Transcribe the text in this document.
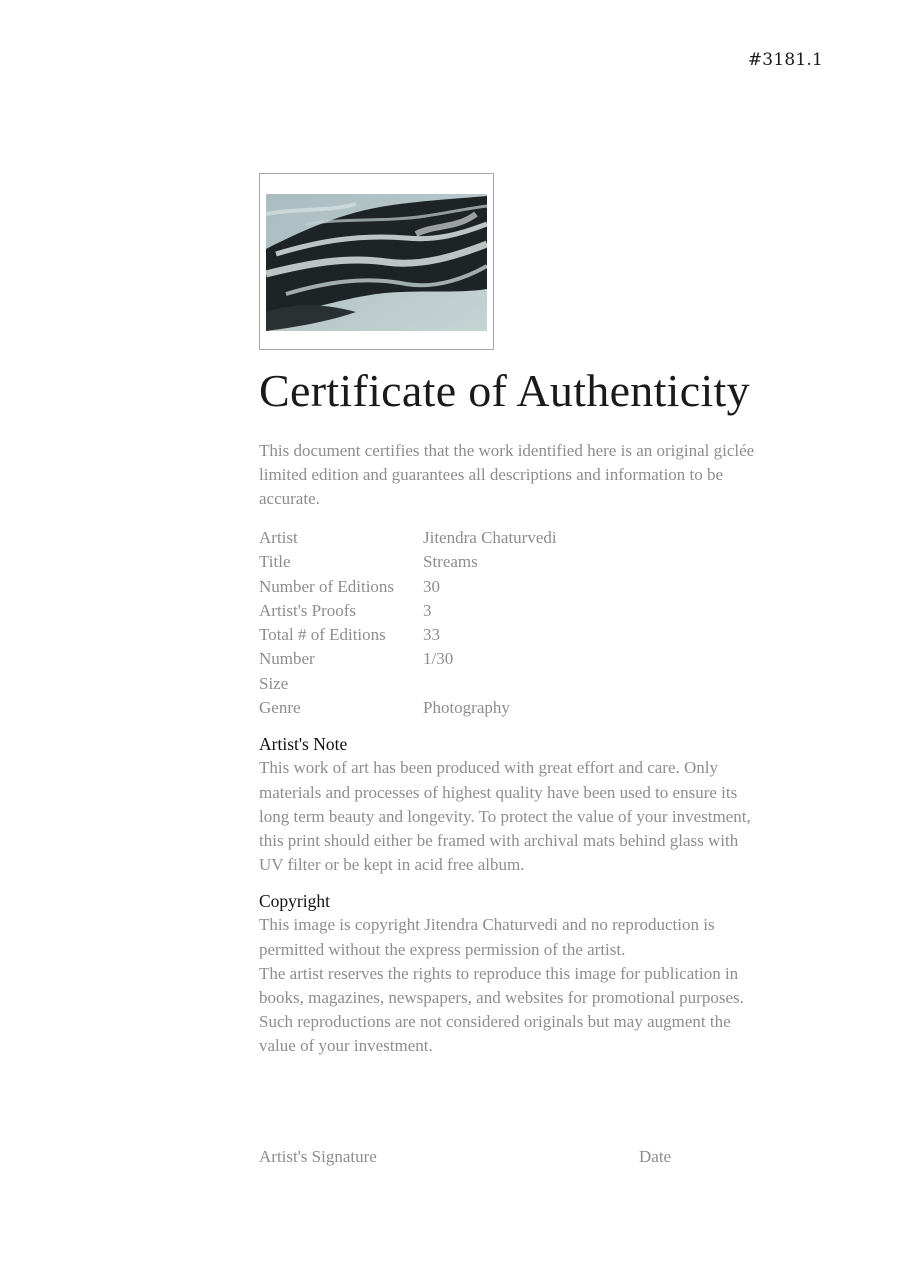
#3181.1
Certificate of Authenticity

This document certifies that the work identified here is an original giclée limited edition and guarantees all descriptions and information to be accurate.

Artist	Jitendra Chaturvedi
Title	Streams
Number of Editions	30
Artist's Proofs	3
Total # of Editions	33
Number	1/30
Size
Genre	Photography
Artist's Note

This work of art has been produced with great effort and care. Only materials and processes of highest quality have been used to ensure its long term beauty and longevity. To protect the value of your investment, this print should either be framed with archival mats behind glass with UV filter or be kept in acid free album.

Copyright

This image is copyright Jitendra Chaturvedi and no reproduction is permitted without the express permission of the artist.

The artist reserves the rights to reproduce this image for publication in books, magazines, newspapers, and websites for promotional purposes. Such reproductions are not considered originals but may augment the value of your investment.

Artist's Signature	Date
